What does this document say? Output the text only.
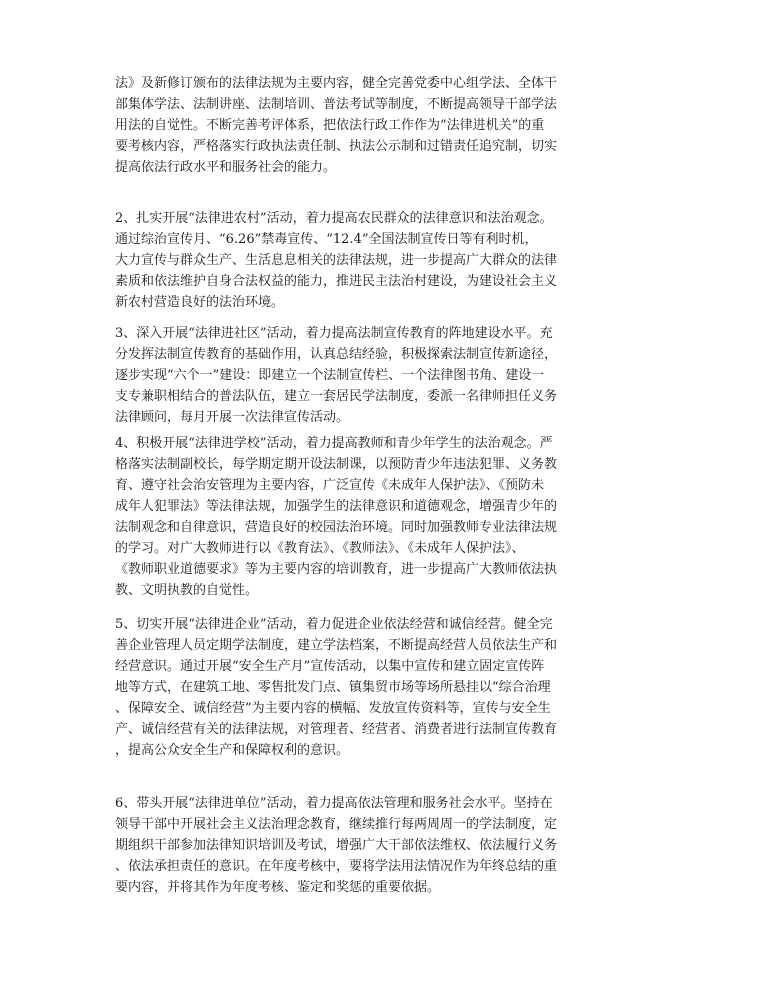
法》及新修订颁布的法律法规为主要内容，健全完善党委中心组学法、全体干
部集体学法、法制讲座、法制培训、普法考试等制度，不断提高领导干部学法
用法的自觉性。不断完善考评体系，把依法行政工作作为“法律进机关”的重
要考核内容，严格落实行政执法责任制、执法公示制和过错责任追究制，切实
提高依法行政水平和服务社会的能力。
2、扎实开展“法律进农村”活动，着力提高农民群众的法律意识和法治观念。
通过综治宣传月、“6.26”禁毒宣传、“12.4”全国法制宣传日等有利时机，
大力宣传与群众生产、生活息息相关的法律法规，进一步提高广大群众的法律
素质和依法维护自身合法权益的能力，推进民主法治村建设，为建设社会主义
新农村营造良好的法治环境。
3、深入开展“法律进社区”活动，着力提高法制宣传教育的阵地建设水平。充
分发挥法制宣传教育的基础作用，认真总结经验，积极探索法制宣传新途径，
逐步实现“六个一”建设：即建立一个法制宣传栏、一个法律图书角、建设一
支专兼职相结合的普法队伍，建立一套居民学法制度，委派一名律师担任义务
法律顾问，每月开展一次法律宣传活动。
4、积极开展“法律进学校”活动，着力提高教师和青少年学生的法治观念。严
格落实法制副校长，每学期定期开设法制课，以预防青少年违法犯罪、义务教
育、遵守社会治安管理为主要内容，广泛宣传《未成年人保护法》、《预防未
成年人犯罪法》等法律法规，加强学生的法律意识和道德观念，增强青少年的
法制观念和自律意识，营造良好的校园法治环境。同时加强教师专业法律法规
的学习。对广大教师进行以《教育法》、《教师法》、《未成年人保护法》、
《教师职业道德要求》等为主要内容的培训教育，进一步提高广大教师依法执
教、文明执教的自觉性。
5、切实开展“法律进企业”活动，着力促进企业依法经营和诚信经营。健全完
善企业管理人员定期学法制度，建立学法档案，不断提高经营人员依法生产和
经营意识。通过开展“安全生产月”宣传活动，以集中宣传和建立固定宣传阵
地等方式，在建筑工地、零售批发门点、镇集贸市场等场所悬挂以“综合治理
、保障安全、诚信经营”为主要内容的横幅、发放宣传资料等，宣传与安全生
产、诚信经营有关的法律法规，对管理者、经营者、消费者进行法制宣传教育
，提高公众安全生产和保障权利的意识。
6、带头开展“法律进单位”活动，着力提高依法管理和服务社会水平。坚持在
领导干部中开展社会主义法治理念教育，继续推行每两周周一的学法制度，定
期组织干部参加法律知识培训及考试，增强广大干部依法维权、依法履行义务
、依法承担责任的意识。在年度考核中，要将学法用法情况作为年终总结的重
要内容，并将其作为年度考核、鉴定和奖惩的重要依据。
